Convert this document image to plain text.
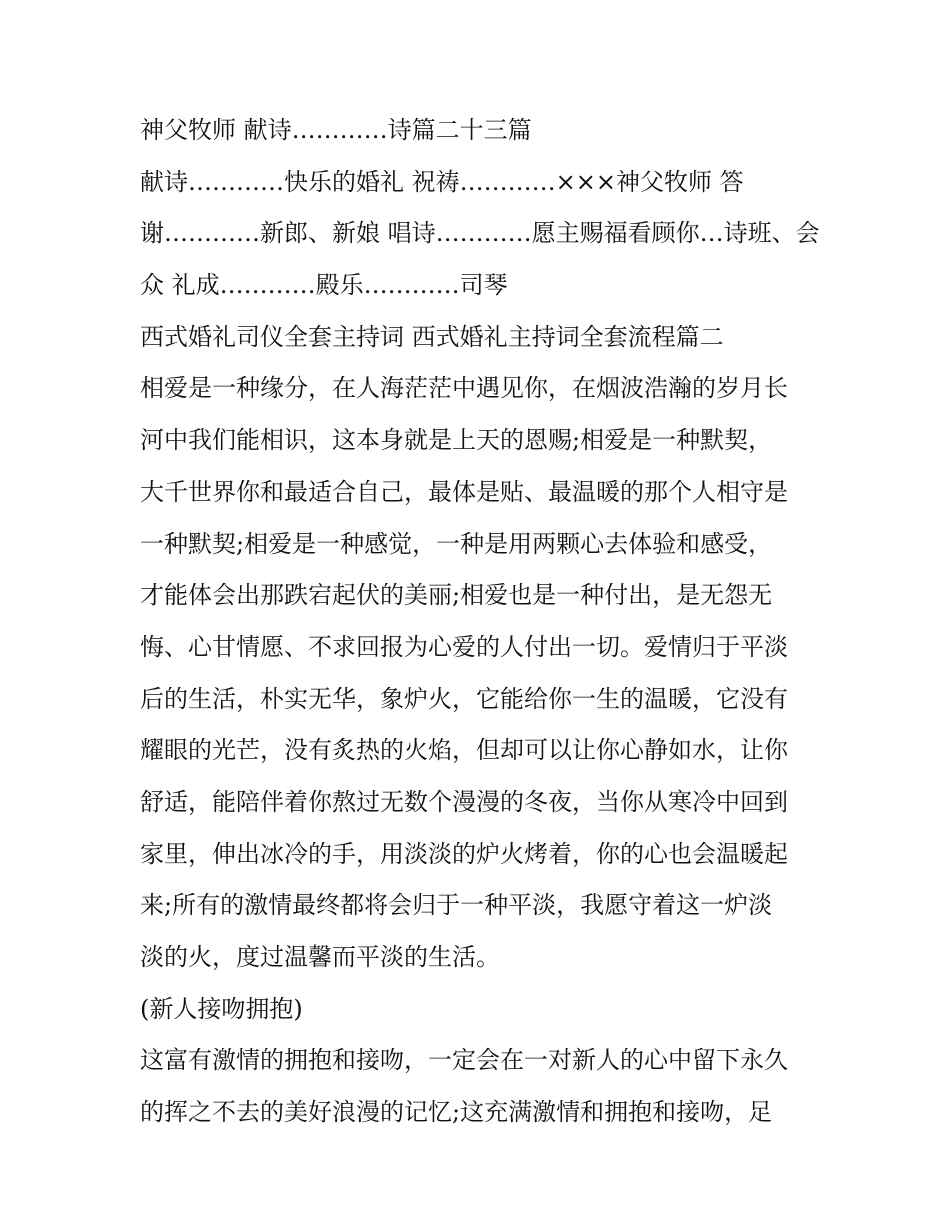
神父牧师 献诗…………诗篇二十三篇
献诗…………快乐的婚礼 祝祷…………×××神父牧师 答
谢…………新郎、新娘 唱诗…………愿主赐福看顾你…诗班、会
众 礼成…………殿乐…………司琴
西式婚礼司仪全套主持词 西式婚礼主持词全套流程篇二
相爱是一种缘分，在人海茫茫中遇见你，在烟波浩瀚的岁月长
河中我们能相识，这本身就是上天的恩赐;相爱是一种默契，
大千世界你和最适合自己，最体是贴、最温暖的那个人相守是
一种默契;相爱是一种感觉，一种是用两颗心去体验和感受，
才能体会出那跌宕起伏的美丽;相爱也是一种付出，是无怨无
悔、心甘情愿、不求回报为心爱的人付出一切。爱情归于平淡
后的生活，朴实无华，象炉火，它能给你一生的温暖，它没有
耀眼的光芒，没有炙热的火焰，但却可以让你心静如水，让你
舒适，能陪伴着你熬过无数个漫漫的冬夜，当你从寒冷中回到
家里，伸出冰冷的手，用淡淡的炉火烤着，你的心也会温暖起
来;所有的激情最终都将会归于一种平淡，我愿守着这一炉淡
淡的火，度过温馨而平淡的生活。
(新人接吻拥抱)
这富有激情的拥抱和接吻，一定会在一对新人的心中留下永久
的挥之不去的美好浪漫的记忆;这充满激情和拥抱和接吻，足
